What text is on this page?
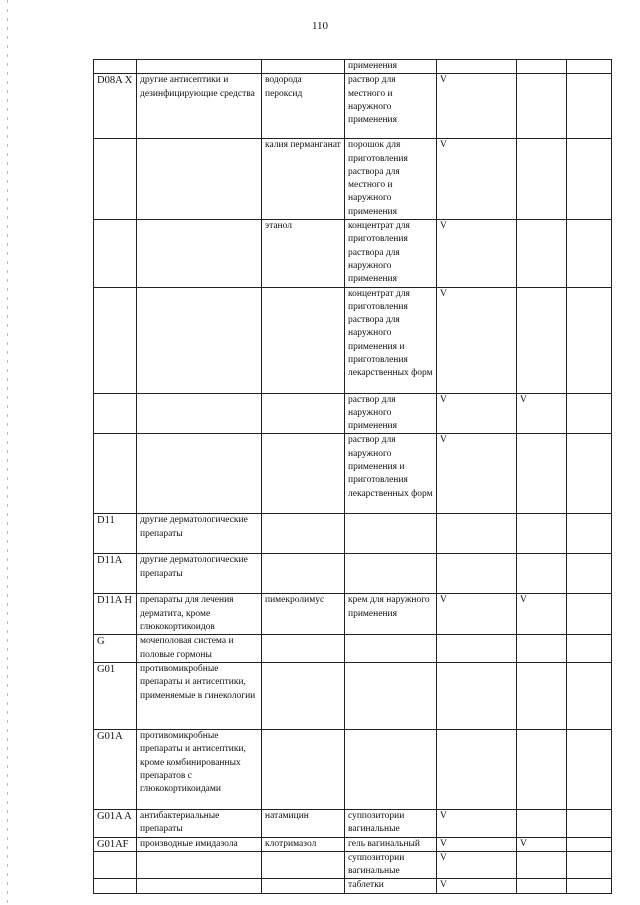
110
			применения			
D08A X	другие антисептики и дезинфицирующие средства	водорода пероксид	раствор для местного и наружного применения	V		
		калия перманганат	порошок для приготовления раствора для местного и наружного применения	V		
		этанол	концентрат для приготовления раствора для наружного применения	V		
			концентрат для приготовления раствора для наружного применения и приготовления лекарственных форм	V		
			раствор для наружного применения	V	V	
			раствор для наружного применения и приготовления лекарственных форм	V		
D11	другие дерматологические препараты					
D11A	другие дерматологические препараты					
D11A H	препараты для лечения дерматита, кроме глюкокортикоидов	пимекролимус	крем для наружного применения	V	V	
G	мочеполовая система и половые гормоны					
G01	противомикробные препараты и антисептики, применяемые в гинекологии					
G01A	противомикробные препараты и антисептики, кроме комбинированных препаратов с глюкокортикоидами					
G01A A	антибактериальные препараты	натамицин	суппозитории вагинальные	V		
G01AF	производные имидазола	клотримазол	гель вагинальный	V	V	
			суппозитории вагинальные	V		
			таблетки	V		
